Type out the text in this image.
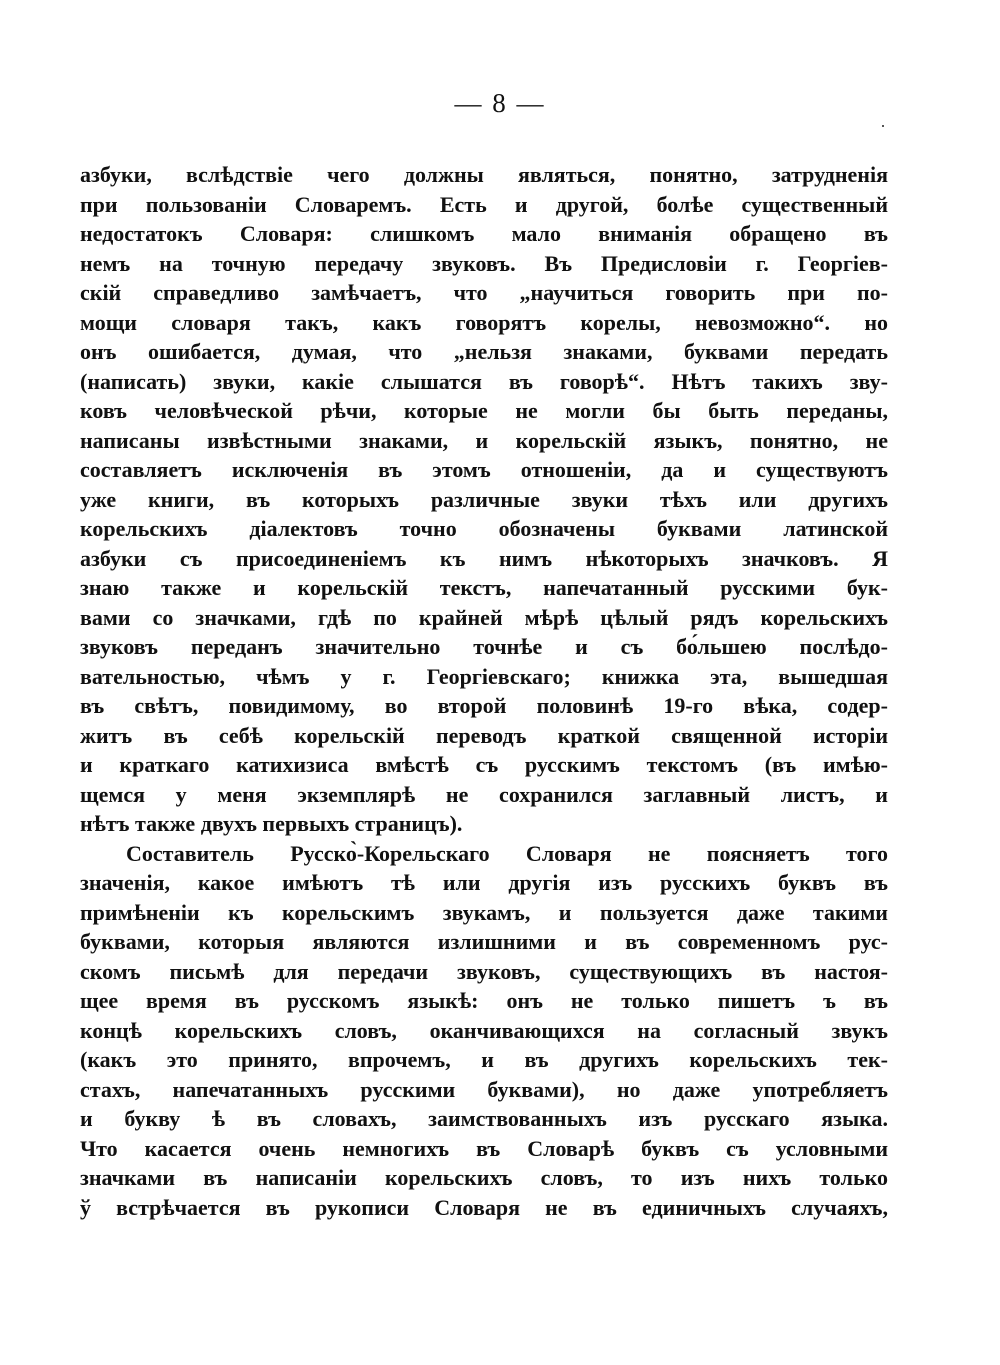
— 8 —
азбуки, вслѣдствіе чего должны являться, понятно, затрудненія
при пользованіи Словаремъ. Есть и другой, болѣе существенный
недостатокъ Словаря: слишкомъ мало вниманія обращено въ
немъ на точную передачу звуковъ. Въ Предисловіи г. Георгіев-
скій справедливо замѣчаетъ, что „научиться говорить при по-
мощи словаря такъ, какъ говорятъ корелы, невозможно“. но
онъ ошибается, думая, что „нельзя знаками, буквами передать
(написать) звуки, какіе слышатся въ говорѣ“. Нѣтъ такихъ зву-
ковъ человѣческой рѣчи, которые не могли бы быть переданы,
написаны извѣстными знаками, и корельскій языкъ, понятно, не
составляетъ исключенія въ этомъ отношеніи, да и существуютъ
уже книги, въ которыхъ различные звуки тѣхъ или другихъ
корельскихъ діалектовъ точно обозначены буквами латинской
азбуки съ присоединеніемъ къ нимъ нѣкоторыхъ значковъ. Я
знаю также и корельскій текстъ, напечатанный русскими бук-
вами со значками, гдѣ по крайней мѣрѣ цѣлый рядъ корельскихъ
звуковъ переданъ значительно точнѣе и съ бо́льшею послѣдо-
вательностью, чѣмъ у г. Георгіевскаго; книжка эта, вышедшая
въ свѣтъ, повидимому, во второй половинѣ 19-го вѣка, содер-
житъ въ себѣ корельскій переводъ краткой священной исторіи
и краткаго катихизиса вмѣстѣ съ русскимъ текстомъ (въ имѣю-
щемся у меня экземплярѣ не сохранился заглавный листъ, и
нѣтъ также двухъ первыхъ страницъ).
Составитель Русско̀-Корельскаго Словаря не поясняетъ того
значенія, какое имѣютъ тѣ или другія изъ русскихъ буквъ въ
примѣненіи къ корельскимъ звукамъ, и пользуется даже такими
буквами, которыя являются излишними и въ современномъ рус-
скомъ письмѣ для передачи звуковъ, существующихъ въ настоя-
щее время въ русскомъ языкѣ: онъ не только пишетъ ъ въ
концѣ корельскихъ словъ, оканчивающихся на согласный звукъ
(какъ это принято, впрочемъ, и въ другихъ корельскихъ тек-
стахъ, напечатанныхъ русскими буквами), но даже употребляетъ
и букву ѣ въ словахъ, заимствованныхъ изъ русскаго языка.
Что касается очень немногихъ въ Словарѣ буквъ съ условными
значками въ написаніи корельскихъ словъ, то изъ нихъ только
ў встрѣчается въ рукописи Словаря не въ единичныхъ случаяхъ,
